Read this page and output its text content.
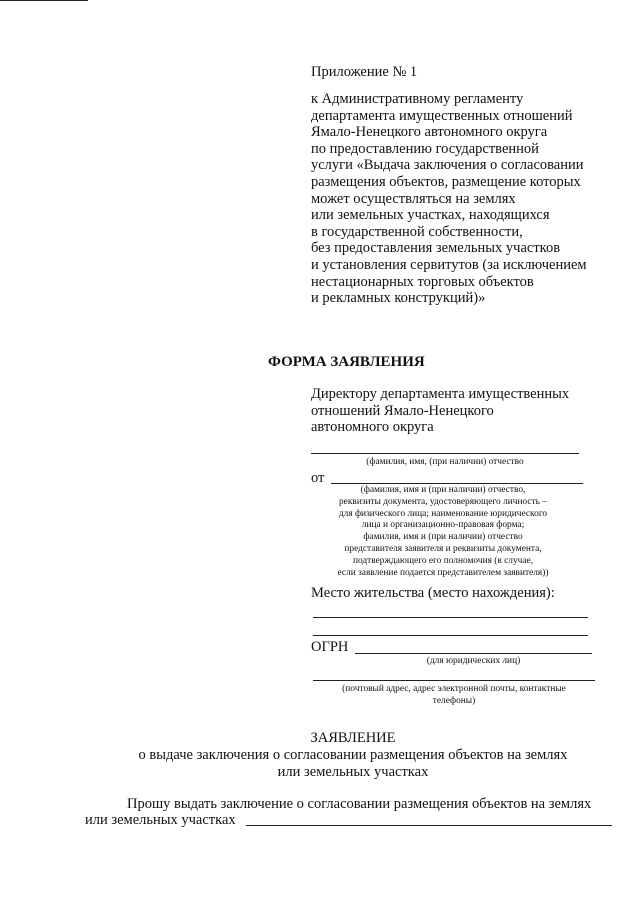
Приложение № 1
к Административному регламенту
департамента имущественных отношений
Ямало-Ненецкого автономного округа
по предоставлению государственной
услуги «Выдача заключения о согласовании
размещения объектов, размещение которых
может осуществляться на землях
или земельных участках, находящихся
в государственной собственности,
без предоставления земельных участков
и установления сервитутов (за исключением
нестационарных торговых объектов
и рекламных конструкций)»
ФОРМА ЗАЯВЛЕНИЯ
Директору департамента имущественных
отношений Ямало-Ненецкого
автономного округа
(фамилия, имя, (при наличии) отчество
от
(фамилия, имя и (при наличии) отчество,
реквизиты документа, удостоверяющего личность –
для физического лица; наименование юридического
лица и организационно-правовая форма;
фамилия, имя и (при наличии) отчество
представителя заявителя и реквизиты документа,
подтверждающего его полномочия (в случае,
если заявление подается представителем заявителя))
Место жительства (место нахождения):
ОГРН
(для юридических лиц)
(почтовый адрес, адрес электронной почты, контактные
телефоны)
ЗАЯВЛЕНИЕ
о выдаче заключения о согласовании размещения объектов на землях
или земельных участках
Прошу выдать заключение о согласовании размещения объектов на землях
или земельных участках
